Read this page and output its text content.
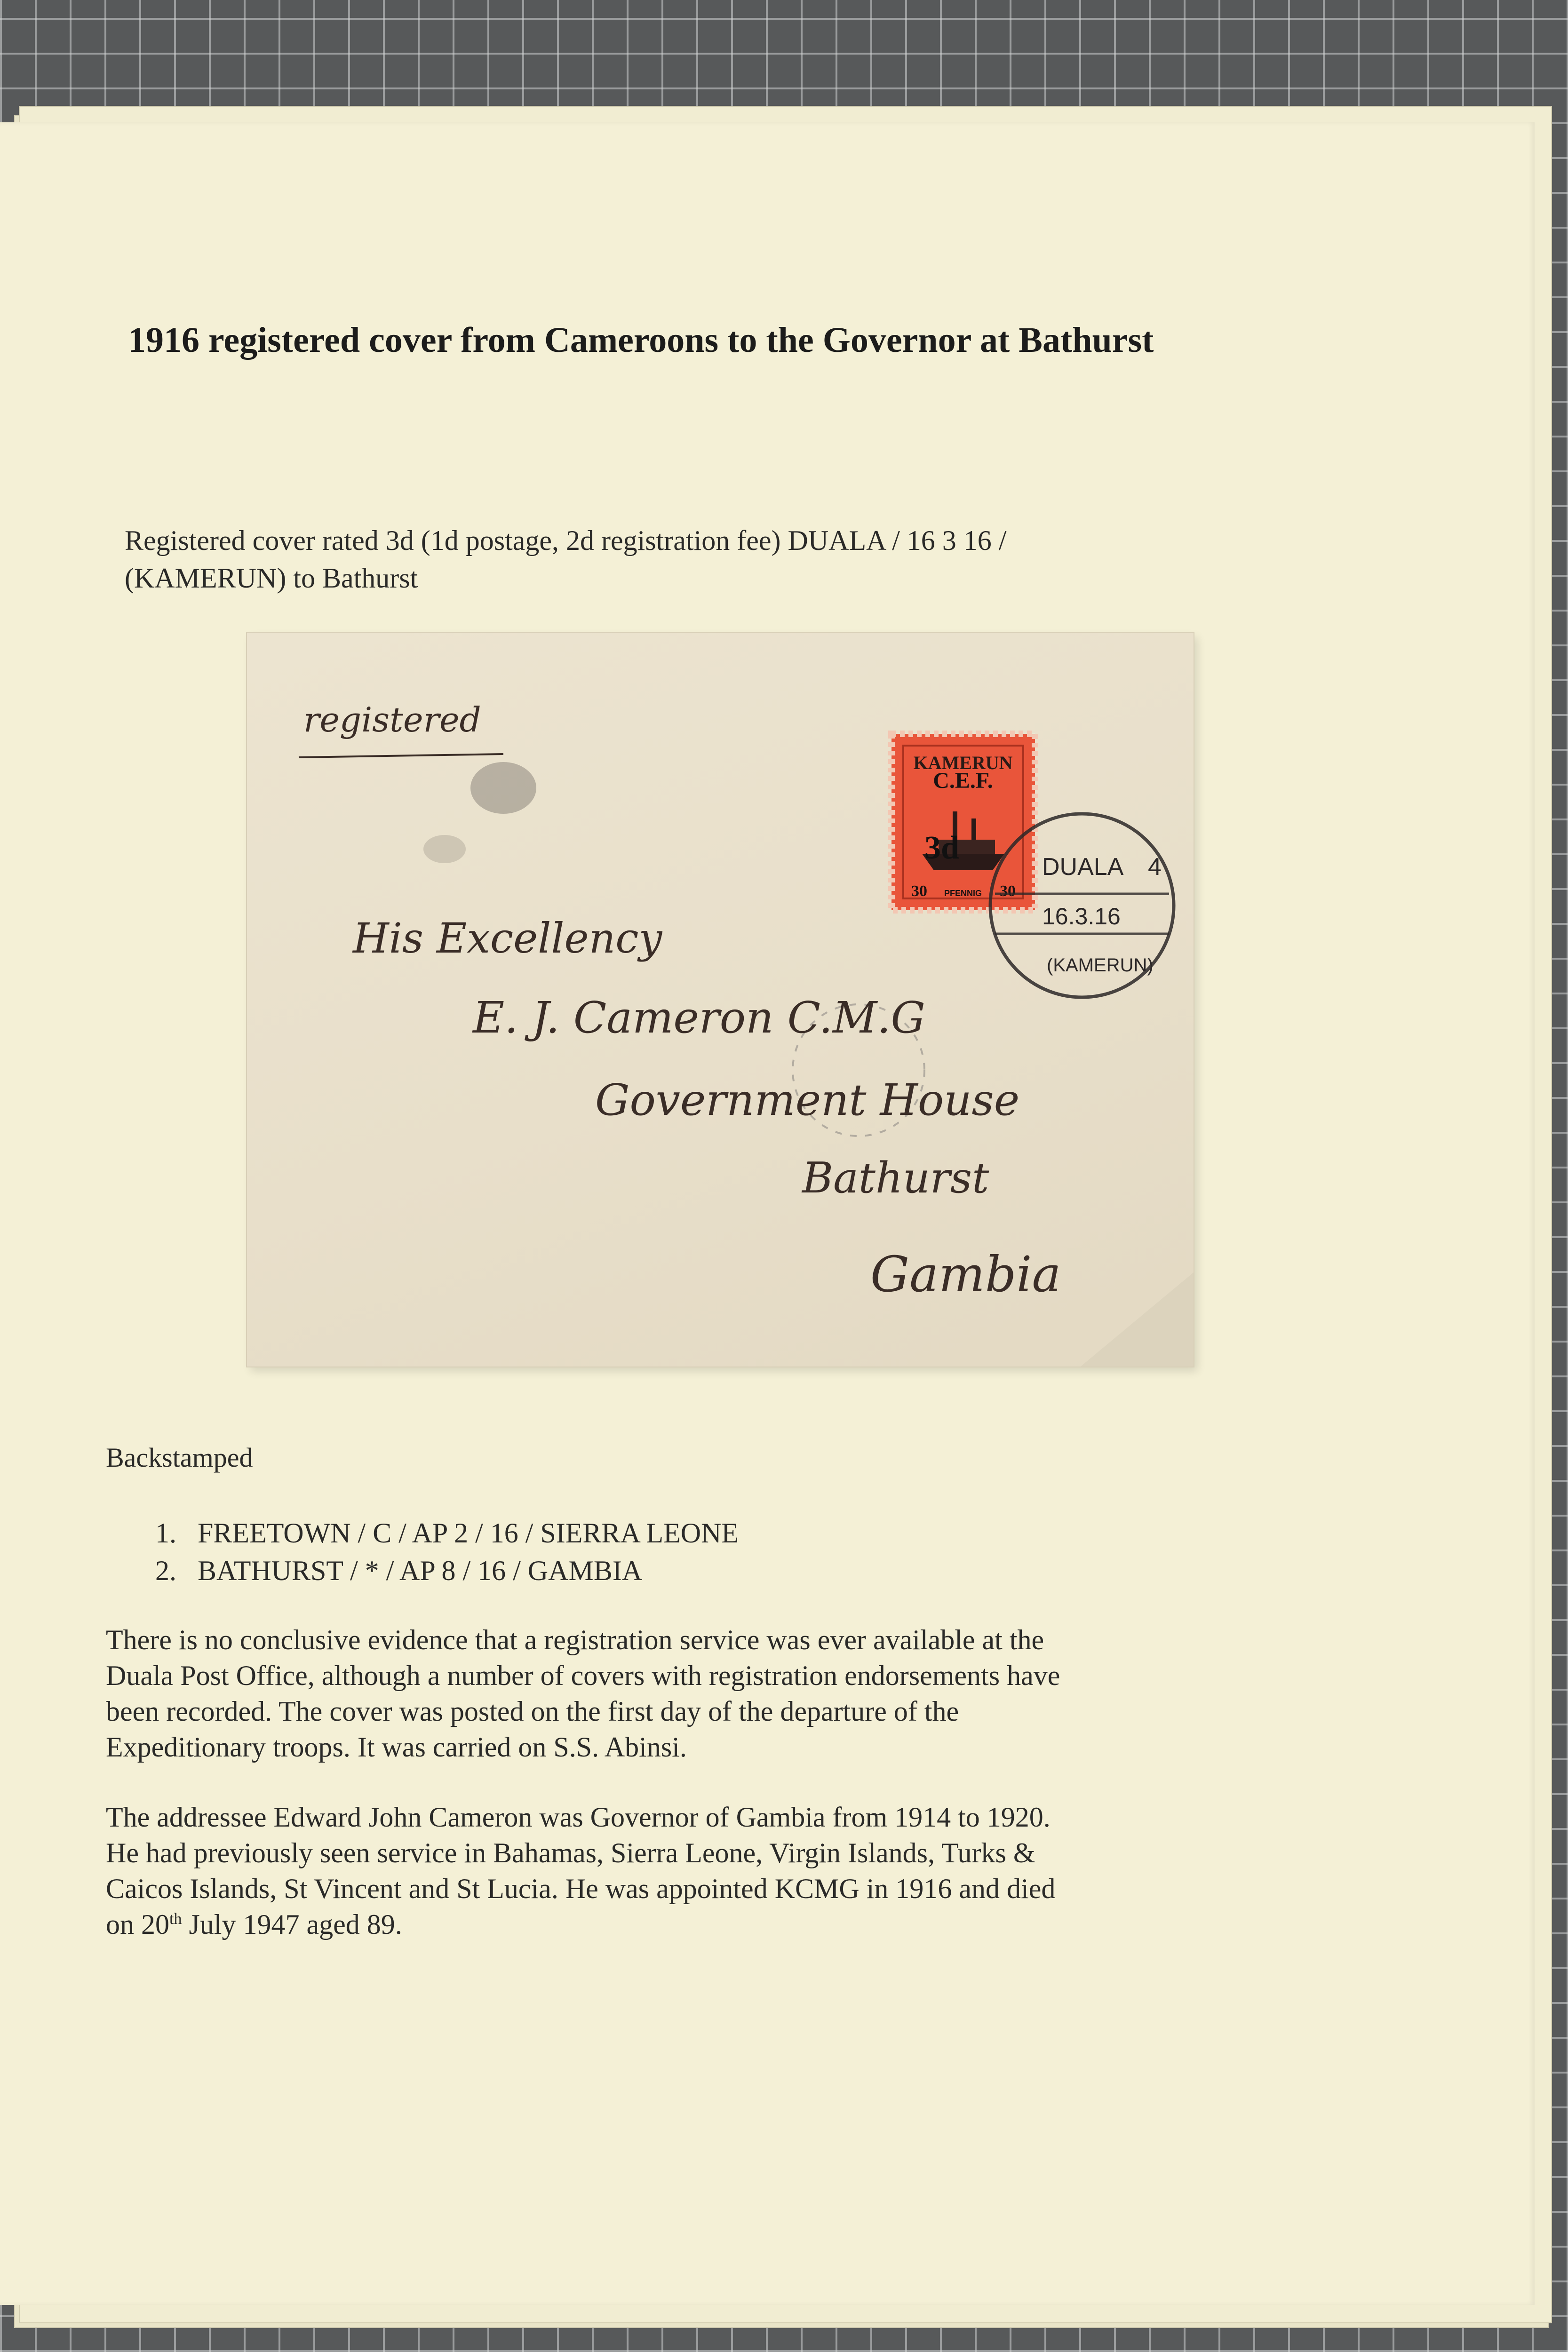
1916 registered cover from Cameroons to the Governor at Bathurst
Registered cover rated 3d (1d postage, 2d registration fee) DUALA / 16 3 16 /
(KAMERUN) to Bathurst
registered
KAMERUN
C.E.F.
3d
30 PFENNIG 30
DUALA 4
16.3.16
(KAMERUN)
His Excellency
E. J. Cameron C.M.G
Government House
Bathurst
Gambia
Backstamped
1. FREETOWN / C / AP 2 / 16 / SIERRA LEONE
2. BATHURST / * / AP 8 / 16 / GAMBIA
There is no conclusive evidence that a registration service was ever available at the
Duala Post Office, although a number of covers with registration endorsements have
been recorded. The cover was posted on the first day of the departure of the
Expeditionary troops. It was carried on S.S. Abinsi.
The addressee Edward John Cameron was Governor of Gambia from 1914 to 1920.
He had previously seen service in Bahamas, Sierra Leone, Virgin Islands, Turks &
Caicos Islands, St Vincent and St Lucia. He was appointed KCMG in 1916 and died
on 20th July 1947 aged 89.
